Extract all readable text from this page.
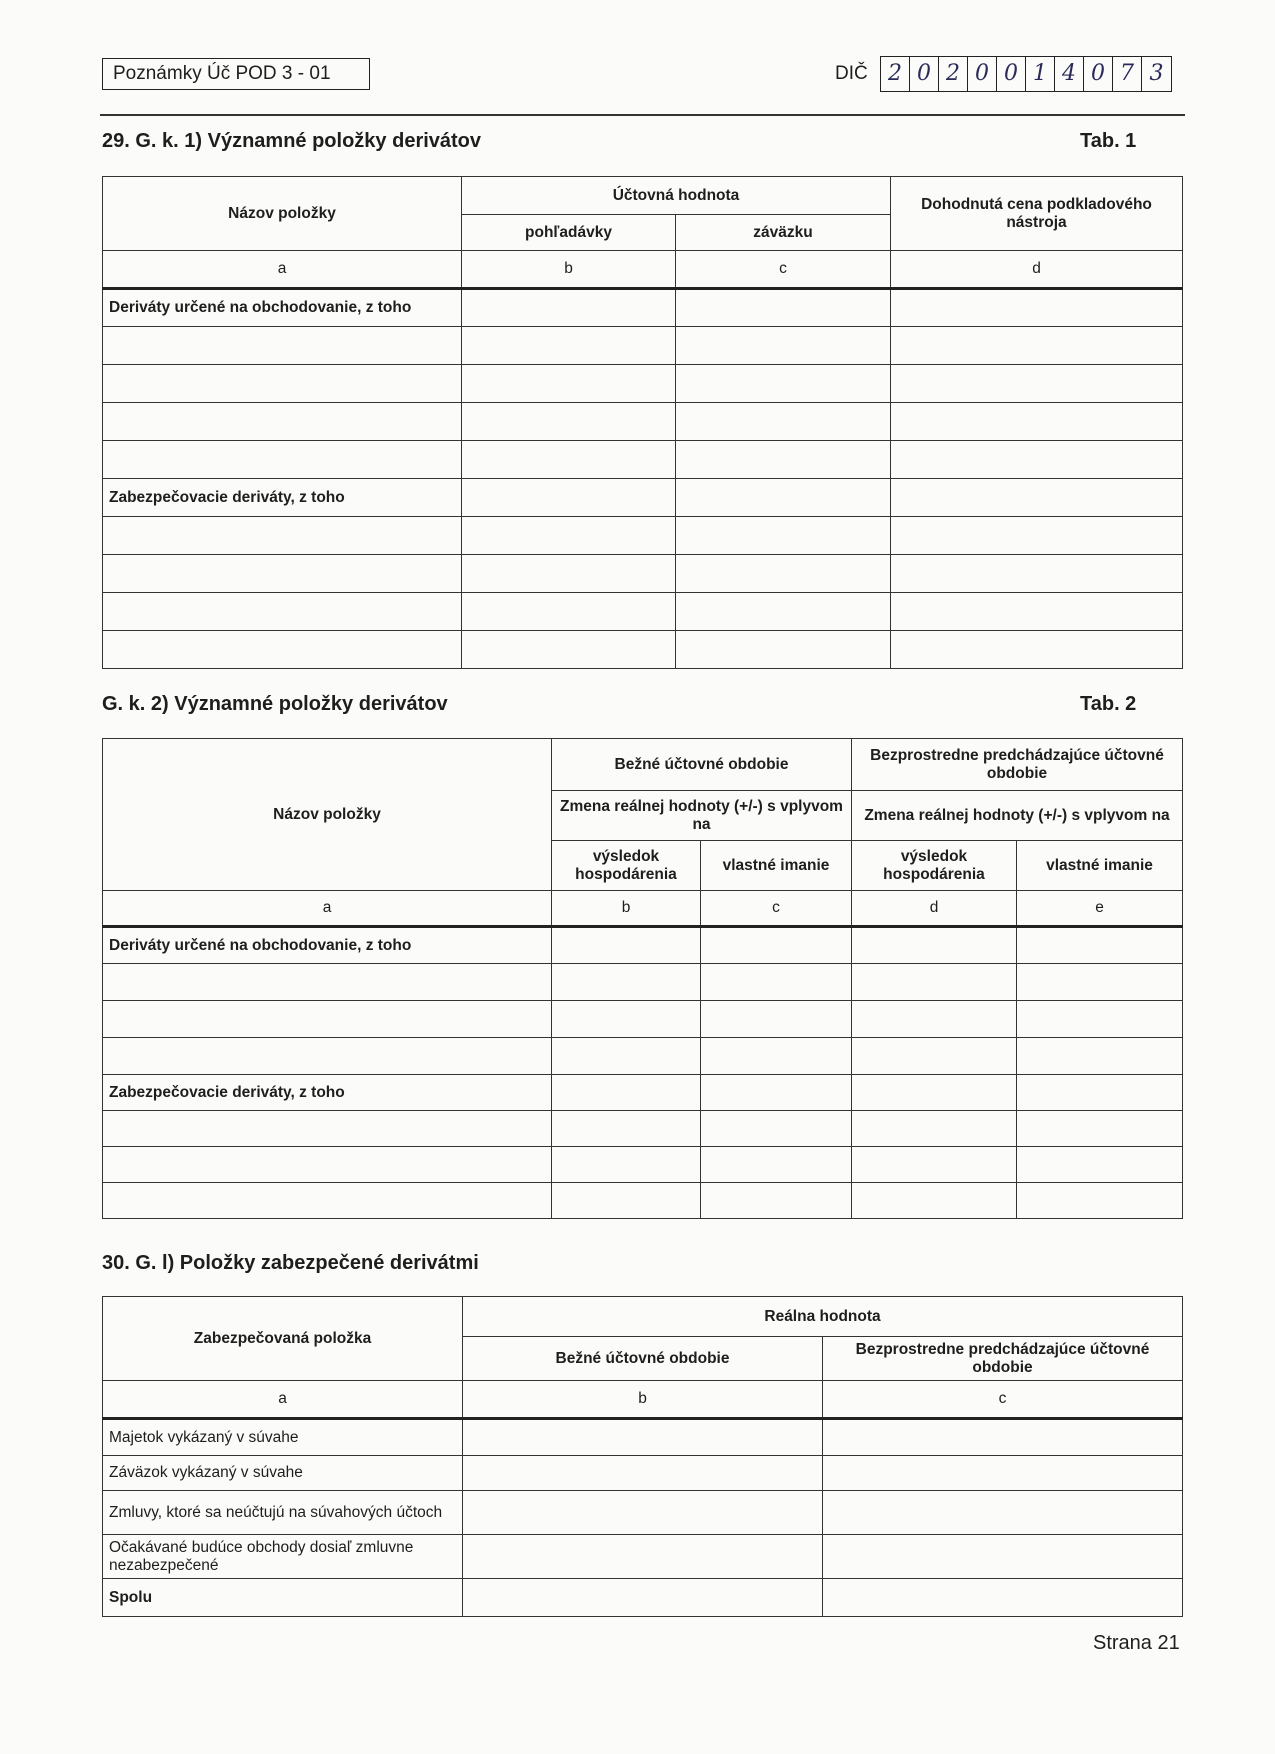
Poznámky Úč POD 3 - 01	DIČ 2 0 2 0 0 1 4 0 7 3
29. G. k. 1) Významné položky derivátov	Tab. 1
Názov položky	Účtovná hodnota		Dohodnutá cena podkladového nástroja
	pohľadávky	záväzku	
a	b	c	d
Deriváty určené na obchodovanie, z toho			

Zabezpečovacie deriváty, z toho			

G. k. 2) Významné položky derivátov	Tab. 2
Názov položky	Bežné účtovné obdobie		Bezprostredne predchádzajúce účtovné obdobie	
	Zmena reálnej hodnoty (+/-) s vplyvom na		Zmena reálnej hodnoty (+/-) s vplyvom na	
	výsledok hospodárenia	vlastné imanie	výsledok hospodárenia	vlastné imanie
a	b	c	d	e
Deriváty určené na obchodovanie, z toho				

Zabezpečovacie deriváty, z toho				

30. G. l) Položky zabezpečené derivátmi
Zabezpečovaná položka	Reálna hodnota	
	Bežné účtovné obdobie	Bezprostredne predchádzajúce účtovné obdobie
a	b	c
Majetok vykázaný v súvahe		
Záväzok vykázaný v súvahe		
Zmluvy, ktoré sa neúčtujú na súvahových účtoch		
Očakávané budúce obchody dosiaľ zmluvne nezabezpečené		
Spolu		
Strana 21
